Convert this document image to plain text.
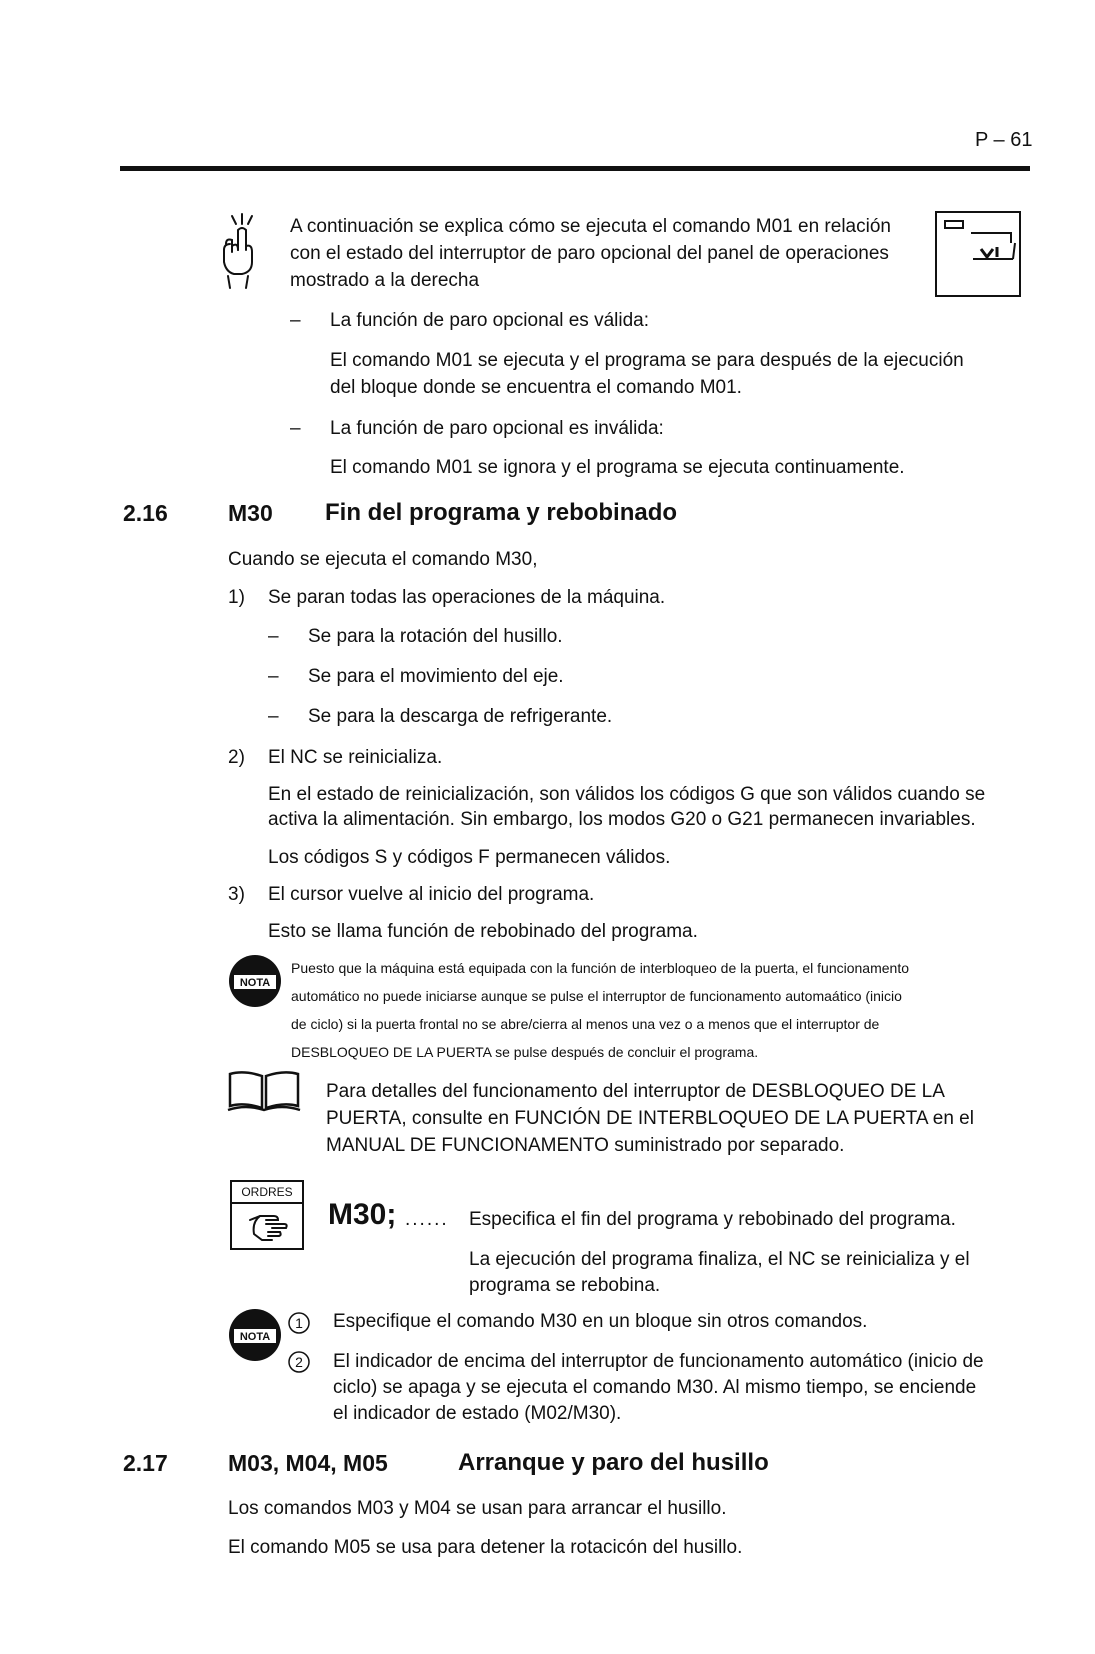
P – 61
A continuación se explica cómo se ejecuta el comando M01 en relación
con el estado del interruptor de paro opcional del panel de operaciones
mostrado a la derecha
– La función de paro opcional es válida:
El comando M01 se ejecuta y el programa se para después de la ejecución
del bloque donde se encuentra el comando M01.
– La función de paro opcional es inválida:
El comando M01 se ignora y el programa se ejecuta continuamente.
2.16	M30 Fin del programa y rebobinado
Cuando se ejecuta el comando M30,
1) Se paran todas las operaciones de la máquina.
– Se para la rotación del husillo.
– Se para el movimiento del eje.
– Se para la descarga de refrigerante.
2) El NC se reinicializa.
En el estado de reinicialización, son válidos los códigos G que son válidos cuando se
activa la alimentación. Sin embargo, los modos G20 o G21 permanecen invariables.
Los códigos S y códigos F permanecen válidos.
3) El cursor vuelve al inicio del programa.
Esto se llama función de rebobinado del programa.
NOTA
Puesto que la máquina está equipada con la función de interbloqueo de la puerta, el funcionamento
automático no puede iniciarse aunque se pulse el interruptor de funcionamento automaático (inicio
de ciclo) si la puerta frontal no se abre/cierra al menos una vez o a menos que el interruptor de
DESBLOQUEO DE LA PUERTA se pulse después de concluir el programa.
Para detalles del funcionamento del interruptor de DESBLOQUEO DE LA
PUERTA, consulte en FUNCIÓN DE INTERBLOQUEO DE LA PUERTA en el
MANUAL DE FUNCIONAMENTO suministrado por separado.
ORDRES
M30; ...... Especifica el fin del programa y rebobinado del programa.
La ejecución del programa finaliza, el NC se reinicializa y el
programa se rebobina.
NOTA
1 Especifique el comando M30 en un bloque sin otros comandos.
2 El indicador de encima del interruptor de funcionamento automático (inicio de
ciclo) se apaga y se ejecuta el comando M30. Al mismo tiempo, se enciende
el indicador de estado (M02/M30).
2.17	M03, M04, M05	Arranque y paro del husillo
Los comandos M03 y M04 se usan para arrancar el husillo.
El comando M05 se usa para detener la rotacicón del husillo.
